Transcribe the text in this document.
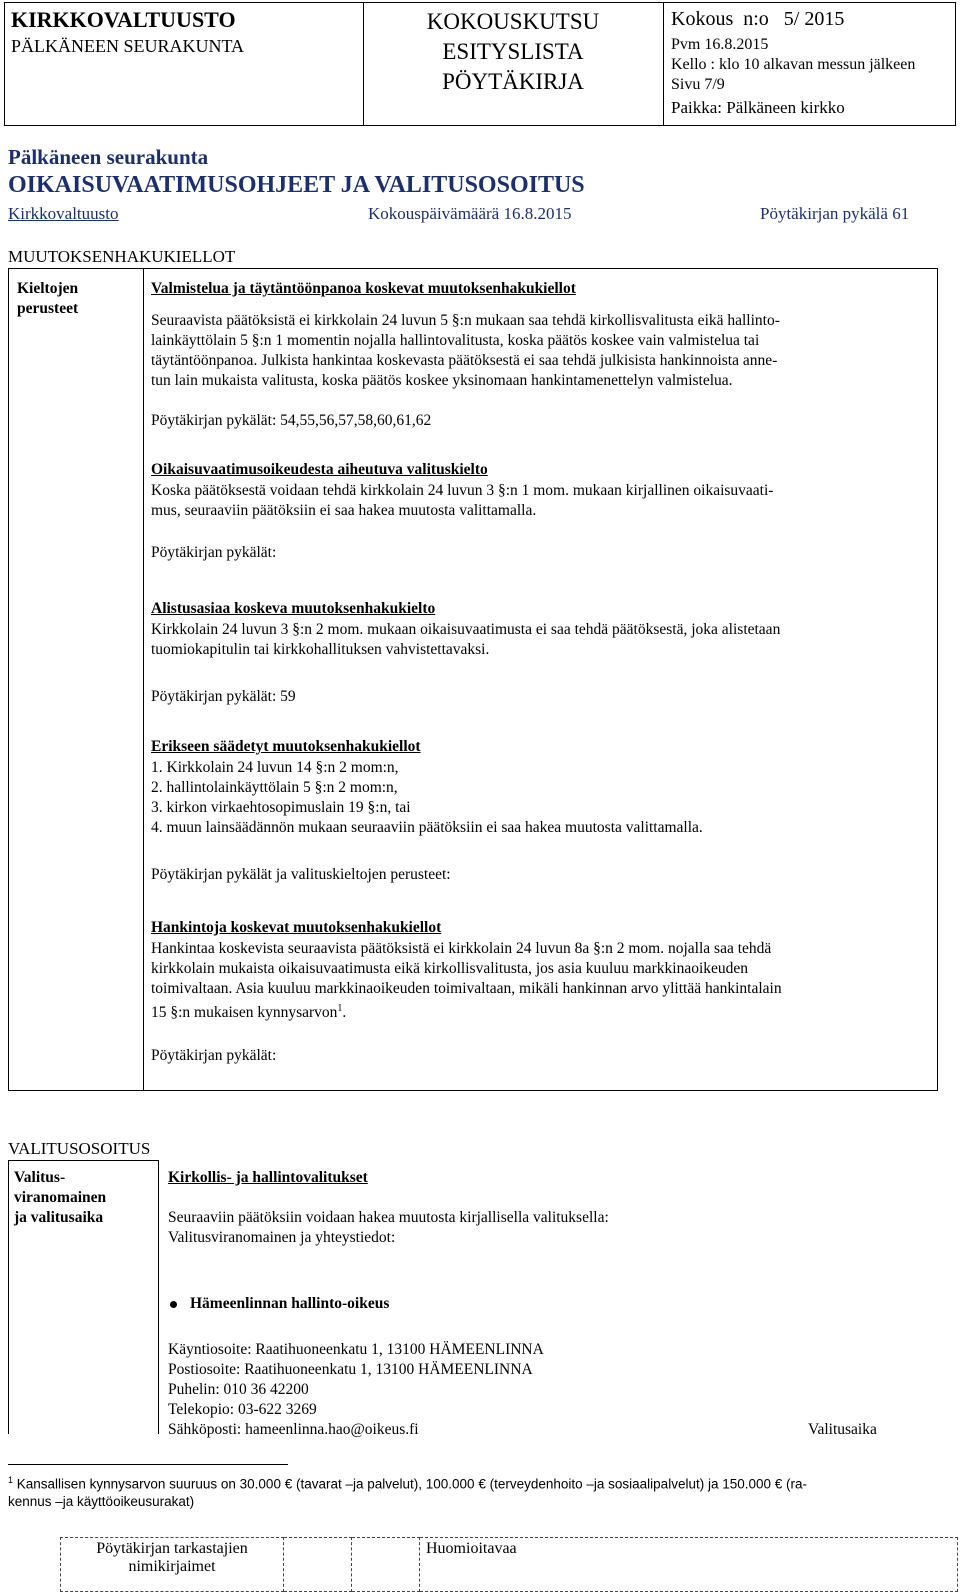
KIRKKOVALTUUSTO
PÄLKÄNEEN SEURAKUNTA
KOKOUSKUTSU
ESITYSLISTA
PÖYTÄKIRJA
Kokous  n:o   5/ 2015
Pvm 16.8.2015
Kello : klo 10 alkavan messun jälkeen
Sivu 7/9
Paikka: Pälkäneen kirkko
Pälkäneen seurakunta
OIKAISUVAATIMUSOHJEET JA VALITUSOSOITUS
Kirkkovaltuusto	Kokouspäivämäärä 16.8.2015	Pöytäkirjan pykälä 61
MUUTOKSENHAKUKIELLOT
Kieltojen
perusteet
Valmistelua ja täytäntöönpanoa koskevat muutoksenhakukiellot
Seuraavista päätöksistä ei kirkkolain 24 luvun 5 §:n mukaan saa tehdä kirkollisvalitusta eikä hallinto-
lainkäyttölain 5 §:n 1 momentin nojalla hallintovalitusta, koska päätös koskee vain valmistelua tai
täytäntöönpanoa. Julkista hankintaa koskevasta päätöksestä ei saa tehdä julkisista hankinnoista anne-
tun lain mukaista valitusta, koska päätös koskee yksinomaan hankintamenettelyn valmistelua.
Pöytäkirjan pykälät: 54,55,56,57,58,60,61,62
Oikaisuvaatimusoikeudesta aiheutuva valituskielto
Koska päätöksestä voidaan tehdä kirkkolain 24 luvun 3 §:n 1 mom. mukaan kirjallinen oikaisuvaati-
mus, seuraaviin päätöksiin ei saa hakea muutosta valittamalla.
Pöytäkirjan pykälät:
Alistusasiaa koskeva muutoksenhakukielto
Kirkkolain 24 luvun 3 §:n 2 mom. mukaan oikaisuvaatimusta ei saa tehdä päätöksestä, joka alistetaan
tuomiokapitulin tai kirkkohallituksen vahvistettavaksi.
Pöytäkirjan pykälät: 59
Erikseen säädetyt muutoksenhakukiellot
1. Kirkkolain 24 luvun 14 §:n 2 mom:n,
2. hallintolainkäyttölain 5 §:n 2 mom:n,
3. kirkon virkaehtosopimuslain 19 §:n, tai
4. muun lainsäädännön mukaan seuraaviin päätöksiin ei saa hakea muutosta valittamalla.
Pöytäkirjan pykälät ja valituskieltojen perusteet:
Hankintoja koskevat muutoksenhakukiellot
Hankintaa koskevista seuraavista päätöksistä ei kirkkolain 24 luvun 8a §:n 2 mom. nojalla saa tehdä
kirkkolain mukaista oikaisuvaatimusta eikä kirkollisvalitusta, jos asia kuuluu markkinaoikeuden
toimivaltaan. Asia kuuluu markkinaoikeuden toimivaltaan, mikäli hankinnan arvo ylittää hankintalain
15 §:n mukaisen kynnysarvon$^1$.
Pöytäkirjan pykälät:
VALITUSOSOITUS
Valitus-
viranomainen
ja valitusaika
Kirkollis- ja hallintovalitukset
Seuraaviin päätöksiin voidaan hakea muutosta kirjallisella valituksella:
Valitusviranomainen ja yhteystiedot:
Hämeenlinnan hallinto-oikeus
Käyntiosoite: Raatihuoneenkatu 1, 13100 HÄMEENLINNA
Postiosoite: Raatihuoneenkatu 1, 13100 HÄMEENLINNA
Puhelin: 010 36 42200
Telekopio: 03-622 3269
Sähköposti: hameenlinna.hao@oikeus.fi	Valitusaika
$^1$ Kansallisen kynnysarvon suuruus on 30.000 € (tavarat –ja palvelut), 100.000 € (terveydenhoito –ja sosiaalipalvelut) ja 150.000 € (ra-
kennus –ja käyttöoikeusurakat)
Pöytäkirjan tarkastajien
nimikirjaimet
			Huomioitavaa
